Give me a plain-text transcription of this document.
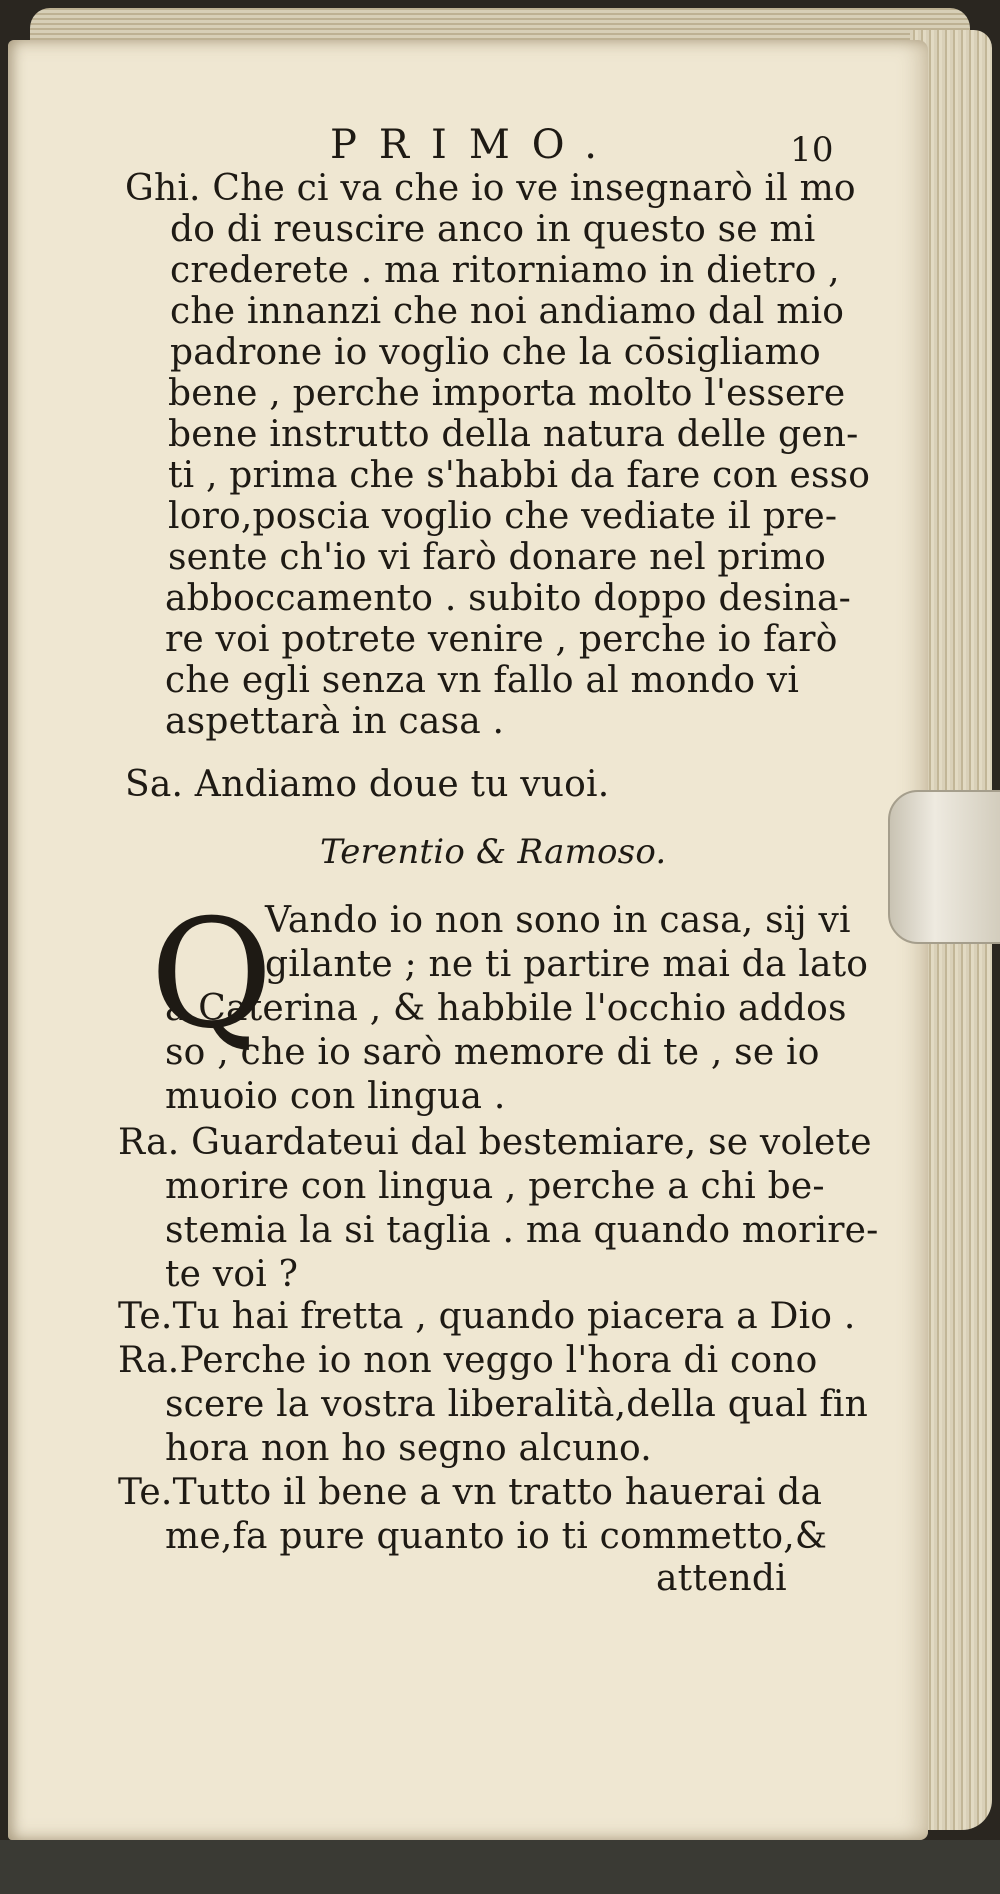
PRIMO.	10
Ghi. Che ci va che io ve insegnarò il mo
do di reuscire anco in questo se mi
crederete . ma ritorniamo in dietro ,
che innanzi che noi andiamo dal mio
padrone io voglio che la cōsigliamo
bene , perche importa molto l'essere
bene instrutto della natura delle gen-
ti , prima che s'habbi da fare con esso
loro,poscia voglio che vediate il pre-
sente ch'io vi farò donare nel primo
abboccamento . subito doppo desina-
re voi potrete venire , perche io farò
che egli senza vn fallo al mondo vi
aspettarà in casa .
Sa. Andiamo doue tu vuoi.
Terentio & Ramoso.
Q
Vando io non sono in casa, sij vi
gilante ; ne ti partire mai da lato
a Caterina , & habbile l'occhio addos
so , che io sarò memore di te , se io
muoio con lingua .
Ra. Guardateui dal bestemiare, se volete
morire con lingua , perche a chi be-
stemia la si taglia . ma quando morire-
te voi ?
Te.Tu hai fretta , quando piacera a Dio .
Ra.Perche io non veggo l'hora di cono
scere la vostra liberalità,della qual fin
hora non ho segno alcuno.
Te.Tutto il bene a vn tratto hauerai da
me,fa pure quanto io ti commetto,&
attendi
